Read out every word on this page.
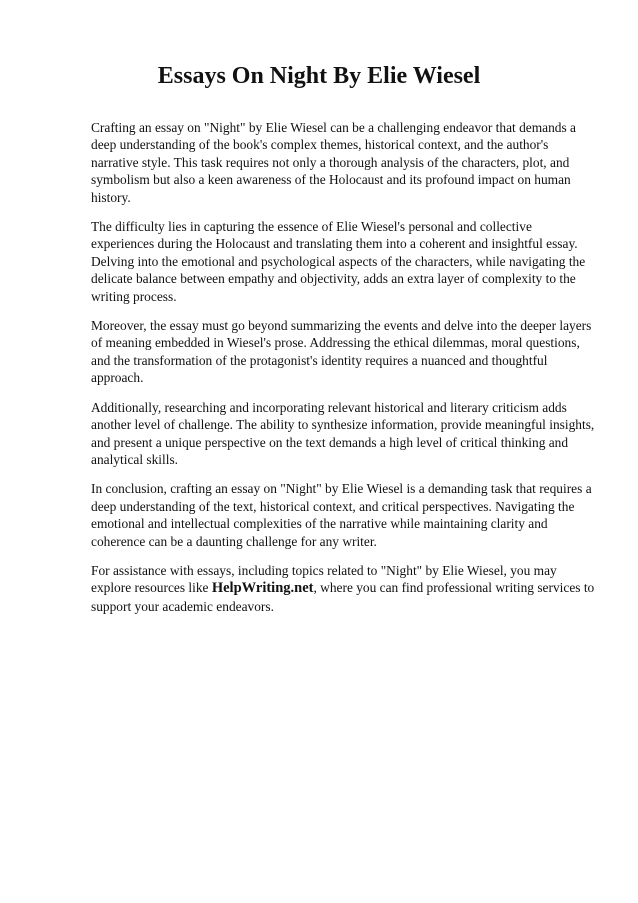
Essays On Night By Elie Wiesel

Crafting an essay on "Night" by Elie Wiesel can be a challenging endeavor that demands a deep understanding of the book's complex themes, historical context, and the author's narrative style. This task requires not only a thorough analysis of the characters, plot, and symbolism but also a keen awareness of the Holocaust and its profound impact on human history.

The difficulty lies in capturing the essence of Elie Wiesel's personal and collective experiences during the Holocaust and translating them into a coherent and insightful essay. Delving into the emotional and psychological aspects of the characters, while navigating the delicate balance between empathy and objectivity, adds an extra layer of complexity to the writing process.

Moreover, the essay must go beyond summarizing the events and delve into the deeper layers of meaning embedded in Wiesel's prose. Addressing the ethical dilemmas, moral questions, and the transformation of the protagonist's identity requires a nuanced and thoughtful approach.

Additionally, researching and incorporating relevant historical and literary criticism adds another level of challenge. The ability to synthesize information, provide meaningful insights, and present a unique perspective on the text demands a high level of critical thinking and analytical skills.

In conclusion, crafting an essay on "Night" by Elie Wiesel is a demanding task that requires a deep understanding of the text, historical context, and critical perspectives. Navigating the emotional and intellectual complexities of the narrative while maintaining clarity and coherence can be a daunting challenge for any writer.

For assistance with essays, including topics related to "Night" by Elie Wiesel, you may explore resources like HelpWriting.net, where you can find professional writing services to support your academic endeavors.
